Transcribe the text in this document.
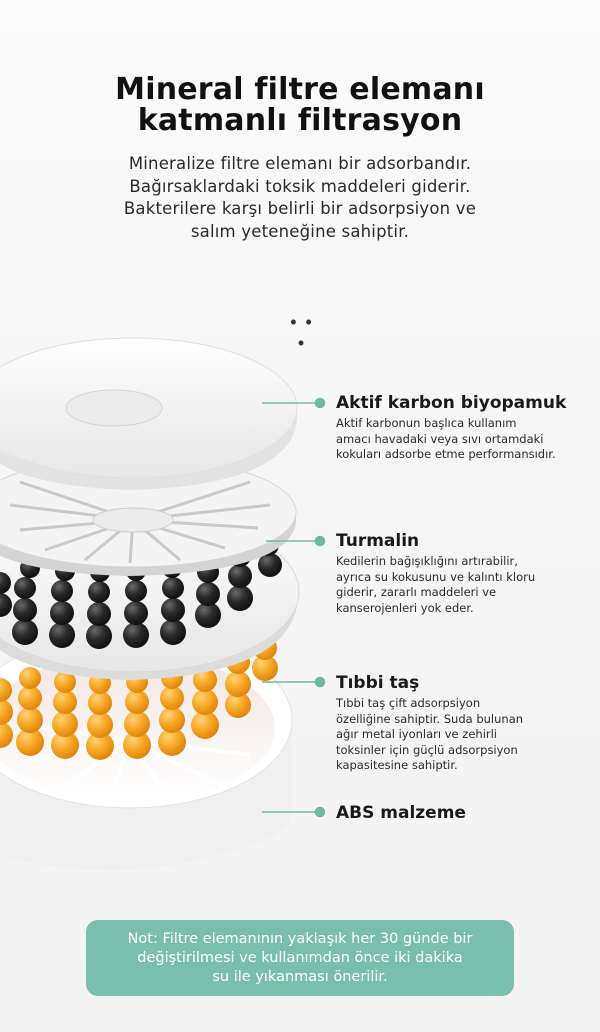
Mineral filtre elemanı
katmanlı filtrasyon
Mineralize filtre elemanı bir adsorbandır.
Bağırsaklardaki toksik maddeleri giderir.
Bakterilere karşı belirli bir adsorpsiyon ve
salım yeteneğine sahiptir.
• • •
Aktif karbon biyopamuk
Aktif karbonun başlıca kullanım
amacı havadaki veya sıvı ortamdaki
kokuları adsorbe etme performansıdır.
Turmalin
Kedilerin bağışıklığını artırabilir,
ayrıca su kokusunu ve kalıntı kloru
giderir, zararlı maddeleri ve
kanserojenleri yok eder.
Tıbbi taş
Tıbbi taş çift adsorpsiyon
özelliğine sahiptir. Suda bulunan
ağır metal iyonları ve zehirli
toksinler için güçlü adsorpsiyon
kapasitesine sahiptir.
ABS malzeme
Not: Filtre elemanının yaklaşık her 30 günde bir
değiştirilmesi ve kullanımdan önce iki dakika
su ile yıkanması önerilir.
